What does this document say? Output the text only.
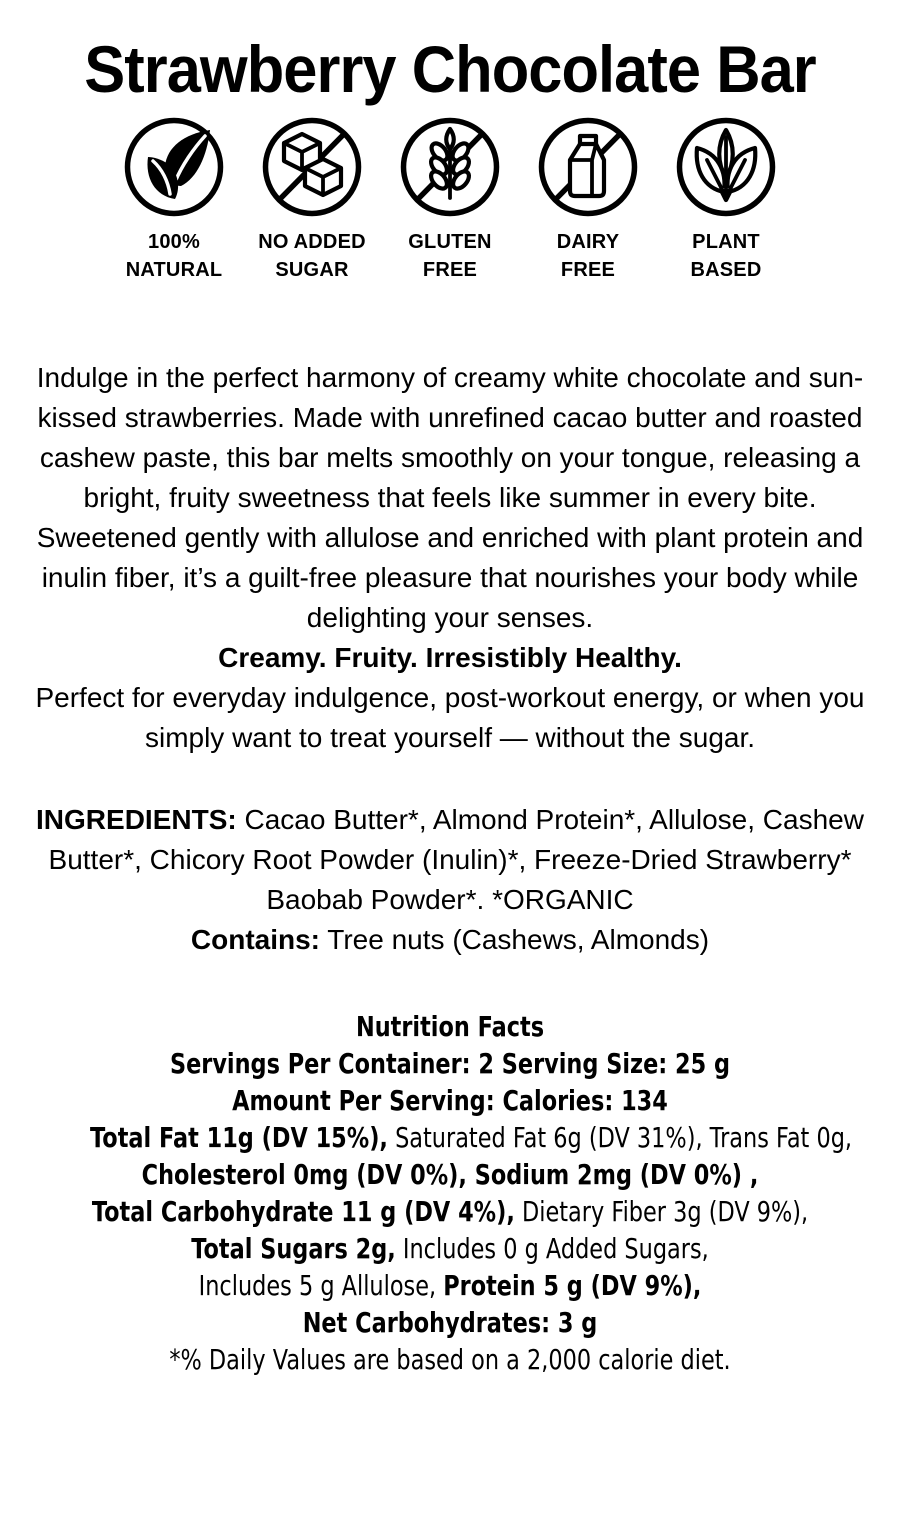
Strawberry Chocolate Bar
100%
NATURAL
NO ADDED
SUGAR
GLUTEN
FREE
DAIRY
FREE
PLANT
BASED

Indulge in the perfect harmony of creamy white chocolate and sun-kissed strawberries. Made with unrefined cacao butter and roasted cashew paste, this bar melts smoothly on your tongue, releasing a bright, fruity sweetness that feels like summer in every bite.

Sweetened gently with allulose and enriched with plant protein and inulin fiber, it’s a guilt-free pleasure that nourishes your body while delighting your senses.

Creamy. Fruity. Irresistibly Healthy.

Perfect for everyday indulgence, post-workout energy, or when you simply want to treat yourself — without the sugar.

INGREDIENTS: Cacao Butter*, Almond Protein*, Allulose, Cashew Butter*, Chicory Root Powder (Inulin)*, Freeze-Dried Strawberry* Baobab Powder*. *ORGANIC

Contains: Tree nuts (Cashews, Almonds)

Nutrition Facts
Servings Per Container: 2 Serving Size: 25 g
Amount Per Serving: Calories: 134
Total Fat 11g (DV 15%), Saturated Fat 6g (DV 31%), Trans Fat 0g,
Cholesterol 0mg (DV 0%), Sodium 2mg (DV 0%) ,
Total Carbohydrate 11 g (DV 4%), Dietary Fiber 3g (DV 9%),
Total Sugars 2g, Includes 0 g Added Sugars,
Includes 5 g Allulose, Protein 5 g (DV 9%),
Net Carbohydrates: 3 g
*% Daily Values are based on a 2,000 calorie diet.
